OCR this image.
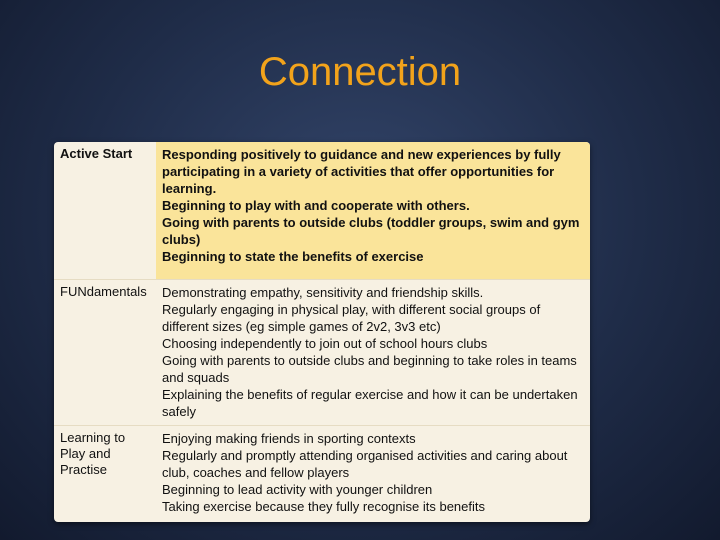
Connection
Active Start	Responding positively to guidance and new experiences by fully participating in a variety of activities that offer opportunities for learning.
Beginning to play with and cooperate with others.
Going with parents to outside clubs (toddler groups, swim and gym clubs)
Beginning to state the benefits of exercise
FUNdamentals	Demonstrating empathy, sensitivity and friendship skills.
Regularly engaging in physical play, with different social groups of different sizes (eg simple games of 2v2, 3v3 etc)
Choosing independently to join out of school hours clubs
Going with parents to outside clubs and beginning to take roles in teams and squads
Explaining the benefits of regular exercise and how it can be undertaken safely
Learning to Play and Practise
Enjoying making friends in sporting contexts
Regularly and promptly attending organised activities and caring about club, coaches and fellow players
Beginning to lead activity with younger children
Taking exercise because they fully recognise its benefits
